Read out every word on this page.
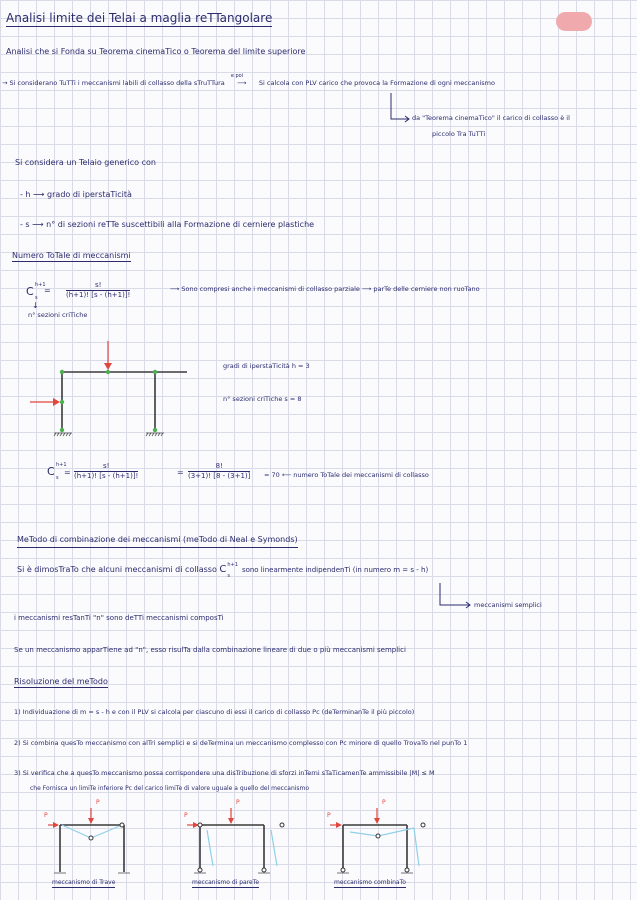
Analisi limite dei Telai a maglia reTTangolare
Analisi che si Fonda su Teorema cinemaTico o Teorema del limite superiore
→ Si considerano TuTTi i meccanismi labili di collasso della sTruTTura
e poi
⟶ Si calcola con PLV carico che provoca la Formazione di ogni meccanismo
da "Teorema cinemaTico" il carico di collasso è il
piccolo Tra TuTTi
Si considera un Telaio generico con
- h ⟶ grado di iperstaTicità
- s ⟶ n° di sezioni reTTe suscettibili alla Formazione di cerniere plastiche
Numero ToTale di meccanismi
C h+1
s
= $\frac{s!}{(h+1)! [s - (h+1)]!}$
↓
n° sezioni criTiche
⟶ Sono compresi anche i meccanismi di collasso parziale ⟶ parTe delle cerniere non ruoTano
gradi di iperstaTicità h = 3
n° sezioni criTiche s = 8
C h+1
s
= $\frac{s!}{(h+1)! [s - (h+1)]!}$	= $\frac{8!}{(3+1)! [8 - (3+1)]} = 70$ ⟵ numero ToTale dei meccanismi di collasso
MeTodo di combinazione dei meccanismi (meTodo di Neal e Symonds)
Si è dimosTraTo che alcuni meccanismi di collasso C h+1
s
sono linearmente indipendenTi (in numero m = s - h)
meccanismi semplici
i meccanismi resTanTi "n" sono deTTi meccanismi composTi
Se un meccanismo apparTiene ad "n", esso risulTa dalla combinazione lineare di due o più meccanismi semplici
Risoluzione del meTodo
1) Individuazione di m = s - h e con il PLV si calcola per ciascuno di essi il carico di collasso Pc (deTerminanTe il più piccolo)
2) Si combina quesTo meccanismo con alTri semplici e si deTermina un meccanismo complesso con Pc minore di quello TrovaTo nel punTo 1
3) Si verifica che a quesTo meccanismo possa corrispondere una disTribuzione di sforzi inTerni sTaTicamenTe ammissibile |M| ≤ M
che Fornisca un limiTe inferiore Pc del carico limiTe di valore uguale a quello del meccanismo
P
P
P
P
P
P
meccanismo di Trave	meccanismo di pareTe	meccanismo combinaTo
